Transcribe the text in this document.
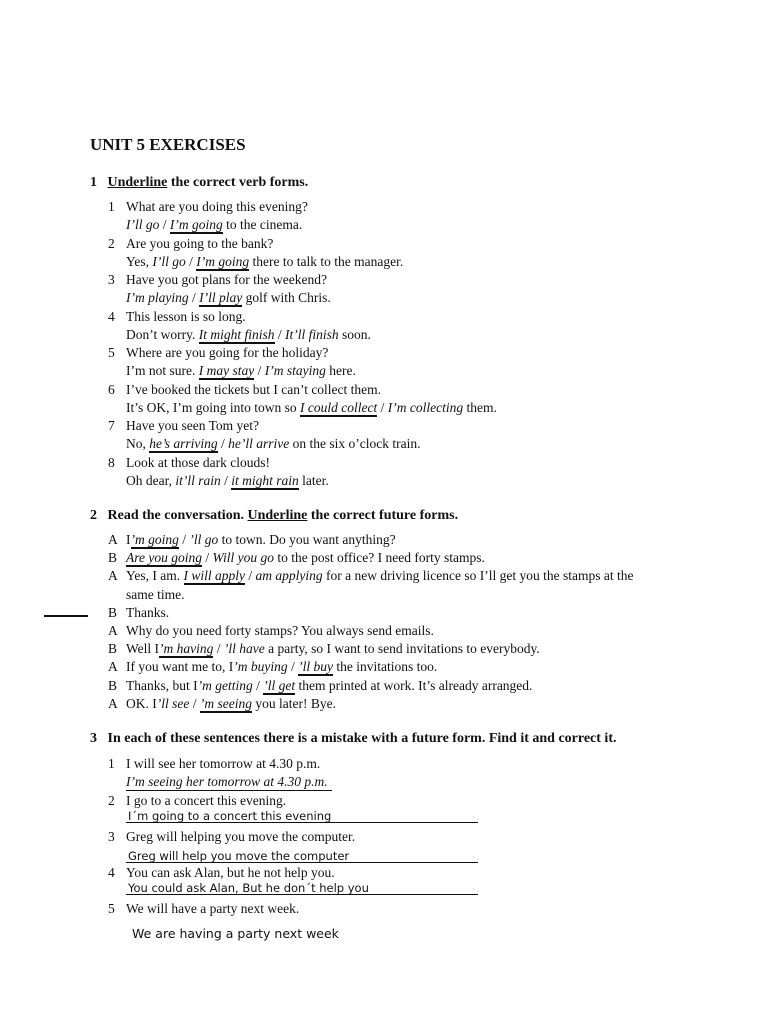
UNIT 5 EXERCISES
1 Underline the correct verb forms.
1 What are you doing this evening?
I’ll go / I’m going to the cinema.
2 Are you going to the bank?
Yes, I’ll go / I’m going there to talk to the manager.
3 Have you got plans for the weekend?
I’m playing / I’ll play golf with Chris.
4 This lesson is so long.
Don’t worry. It might finish / It’ll finish soon.
5 Where are you going for the holiday?
I’m not sure. I may stay / I’m staying here.
6 I’ve booked the tickets but I can’t collect them.
It’s OK, I’m going into town so I could collect / I’m collecting them.
7 Have you seen Tom yet?
No, he’s arriving / he’ll arrive on the six o’clock train.
8 Look at those dark clouds!
Oh dear, it’ll rain / it might rain later.
2 Read the conversation. Underline the correct future forms.
A I’m going / ’ll go to town. Do you want anything?
B Are you going / Will you go to the post office? I need forty stamps.
A Yes, I am. I will apply / am applying for a new driving licence so I’ll get you the stamps at the
same time.
B Thanks.
A Why do you need forty stamps? You always send emails.
B Well I’m having / ’ll have a party, so I want to send invitations to everybody.
A If you want me to, I’m buying / ’ll buy the invitations too.
B Thanks, but I’m getting / ’ll get them printed at work. It’s already arranged.
A OK. I’ll see / ’m seeing you later! Bye.
3 In each of these sentences there is a mistake with a future form. Find it and correct it.
1 I will see her tomorrow at 4.30 p.m.
I’m seeing her tomorrow at 4.30 p.m.
2 I go to a concert this evening.
I´m going to a concert this evening
3 Greg will helping you move the computer.
Greg will help you move the computer
4 You can ask Alan, but he not help you.
You could ask Alan, But he don´t help you
5 We will have a party next week.
We are having a party next week
